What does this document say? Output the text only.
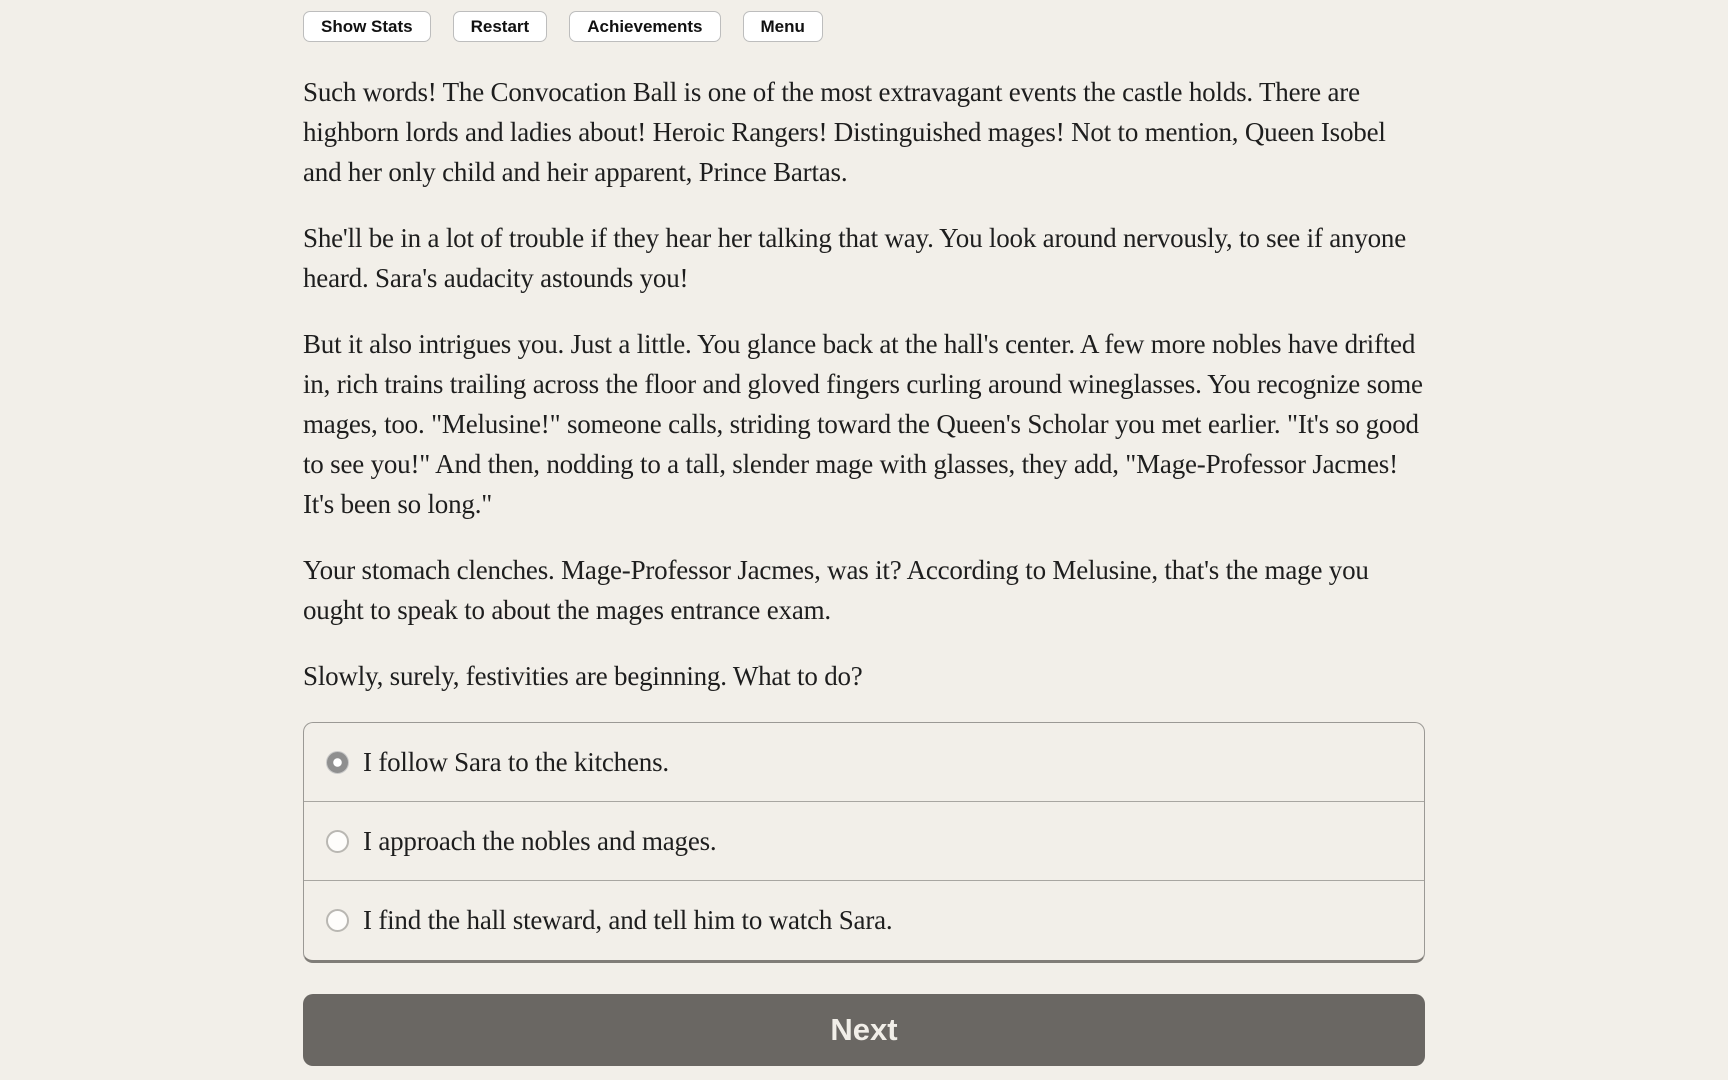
Show Stats	Restart	Achievements	Menu

Such words! The Convocation Ball is one of the most extravagant events the castle holds. There are highborn lords and ladies about! Heroic Rangers! Distinguished mages! Not to mention, Queen Isobel and her only child and heir apparent, Prince Bartas.

She'll be in a lot of trouble if they hear her talking that way. You look around nervously, to see if anyone heard. Sara's audacity astounds you!

But it also intrigues you. Just a little. You glance back at the hall's center. A few more nobles have drifted in, rich trains trailing across the floor and gloved fingers curling around wineglasses. You recognize some mages, too. "Melusine!" someone calls, striding toward the Queen's Scholar you met earlier. "It's so good to see you!" And then, nodding to a tall, slender mage with glasses, they add, "Mage-Professor Jacmes! It's been so long."

Your stomach clenches. Mage-Professor Jacmes, was it? According to Melusine, that's the mage you ought to speak to about the mages entrance exam.

Slowly, surely, festivities are beginning. What to do?

I follow Sara to the kitchens.
I approach the nobles and mages.
I find the hall steward, and tell him to watch Sara.
Next
